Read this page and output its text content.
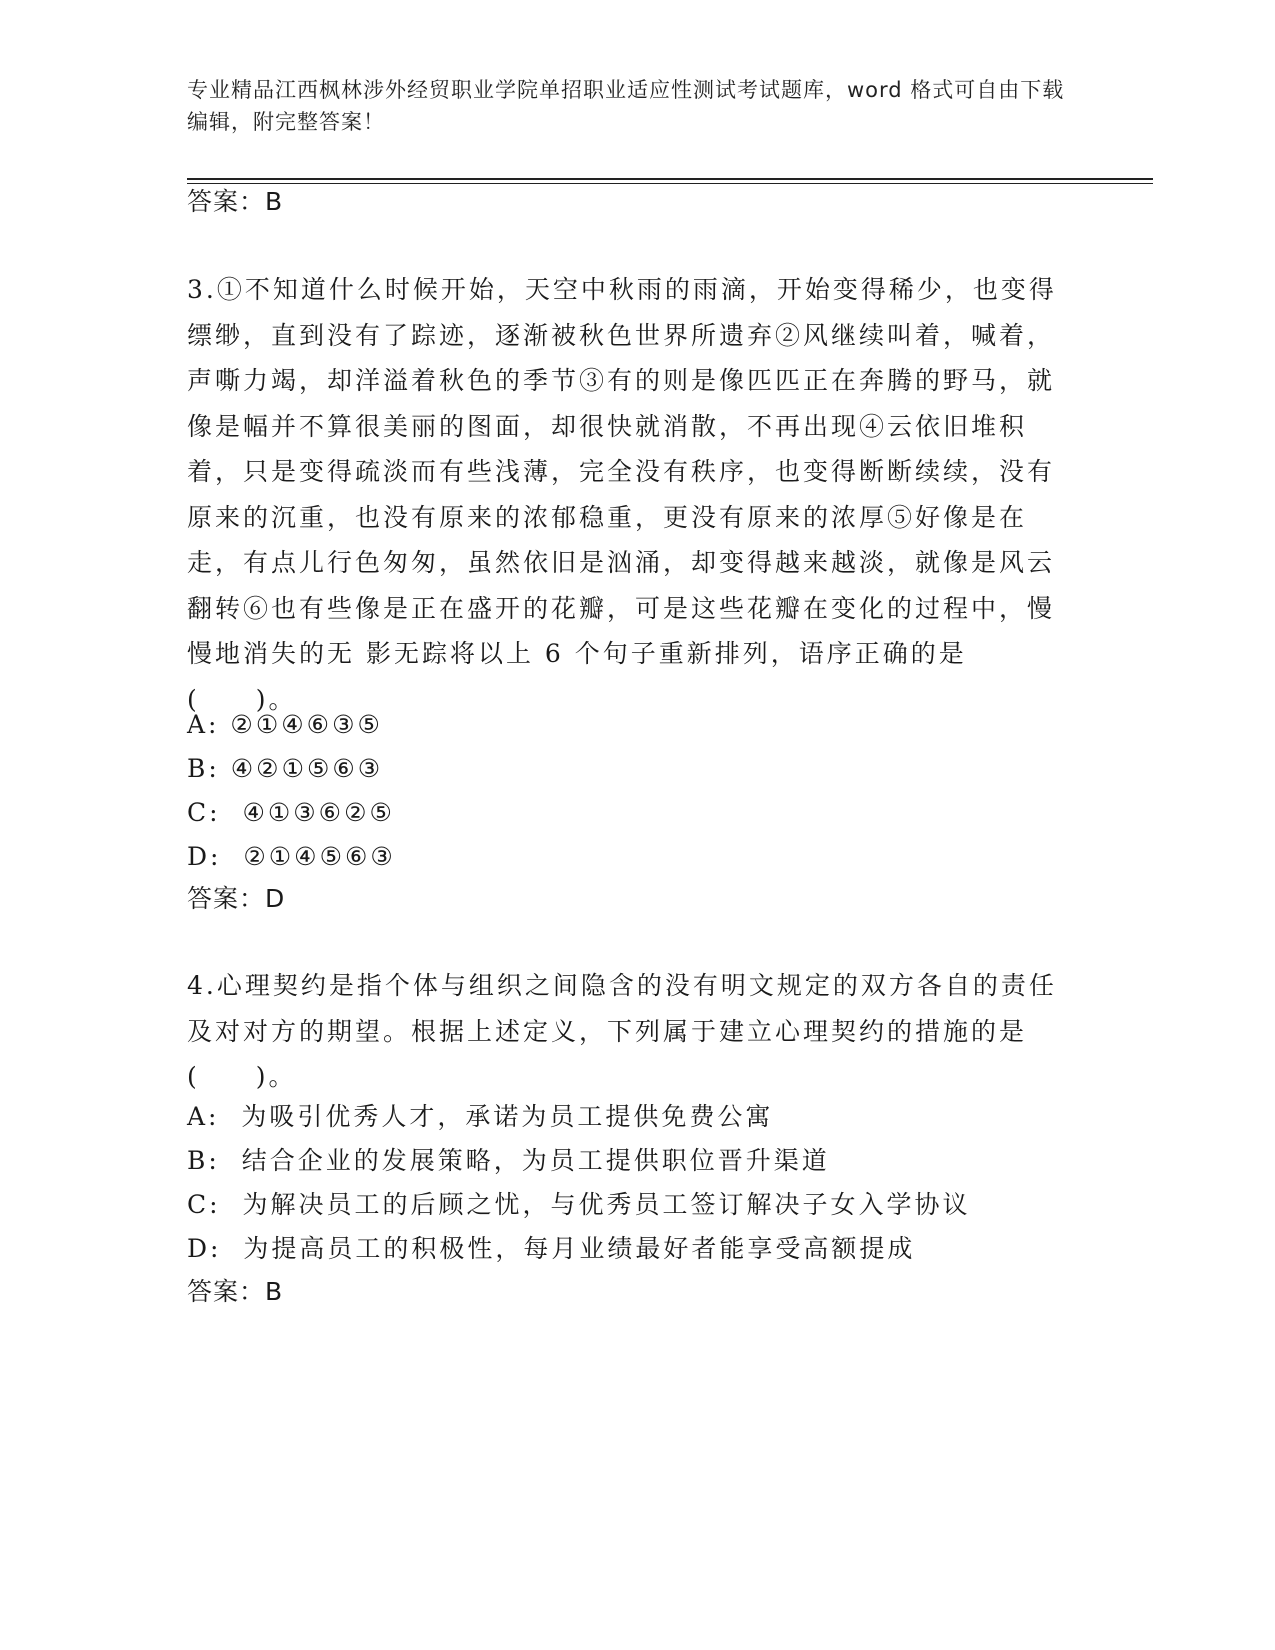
专业精品江西枫林涉外经贸职业学院单招职业适应性测试考试题库，word 格式可自由下载编辑，附完整答案！
答案：B
3.①不知道什么时候开始，天空中秋雨的雨滴，开始变得稀少，也变得缥缈，直到没有了踪迹，逐渐被秋色世界所遗弃②风继续叫着，喊着，声嘶力竭，却洋溢着秋色的季节③有的则是像匹匹正在奔腾的野马，就像是幅并不算很美丽的图面，却很快就消散，不再出现④云依旧堆积着，只是变得疏淡而有些浅薄，完全没有秩序，也变得断断续续，没有原来的沉重，也没有原来的浓郁稳重，更没有原来的浓厚⑤好像是在走，有点儿行色匆匆，虽然依旧是汹涌，却变得越来越淡，就像是风云翻转⑥也有些像是正在盛开的花瓣，可是这些花瓣在变化的过程中，慢慢地消失的无 影无踪将以上 6 个句子重新排列，语序正确的是(　　)。
A: ②①④⑥③⑤
B: ④②①⑤⑥③
C:  ④①③⑥②⑤
D:  ②①④⑤⑥③
答案：D
4.心理契约是指个体与组织之间隐含的没有明文规定的双方各自的责任及对对方的期望。根据上述定义，下列属于建立心理契约的措施的是(　　)。
A:  为吸引优秀人才，承诺为员工提供免费公寓
B:  结合企业的发展策略，为员工提供职位晋升渠道
C:  为解决员工的后顾之忧，与优秀员工签订解决子女入学协议
D:  为提高员工的积极性，每月业绩最好者能享受高额提成
答案：B
